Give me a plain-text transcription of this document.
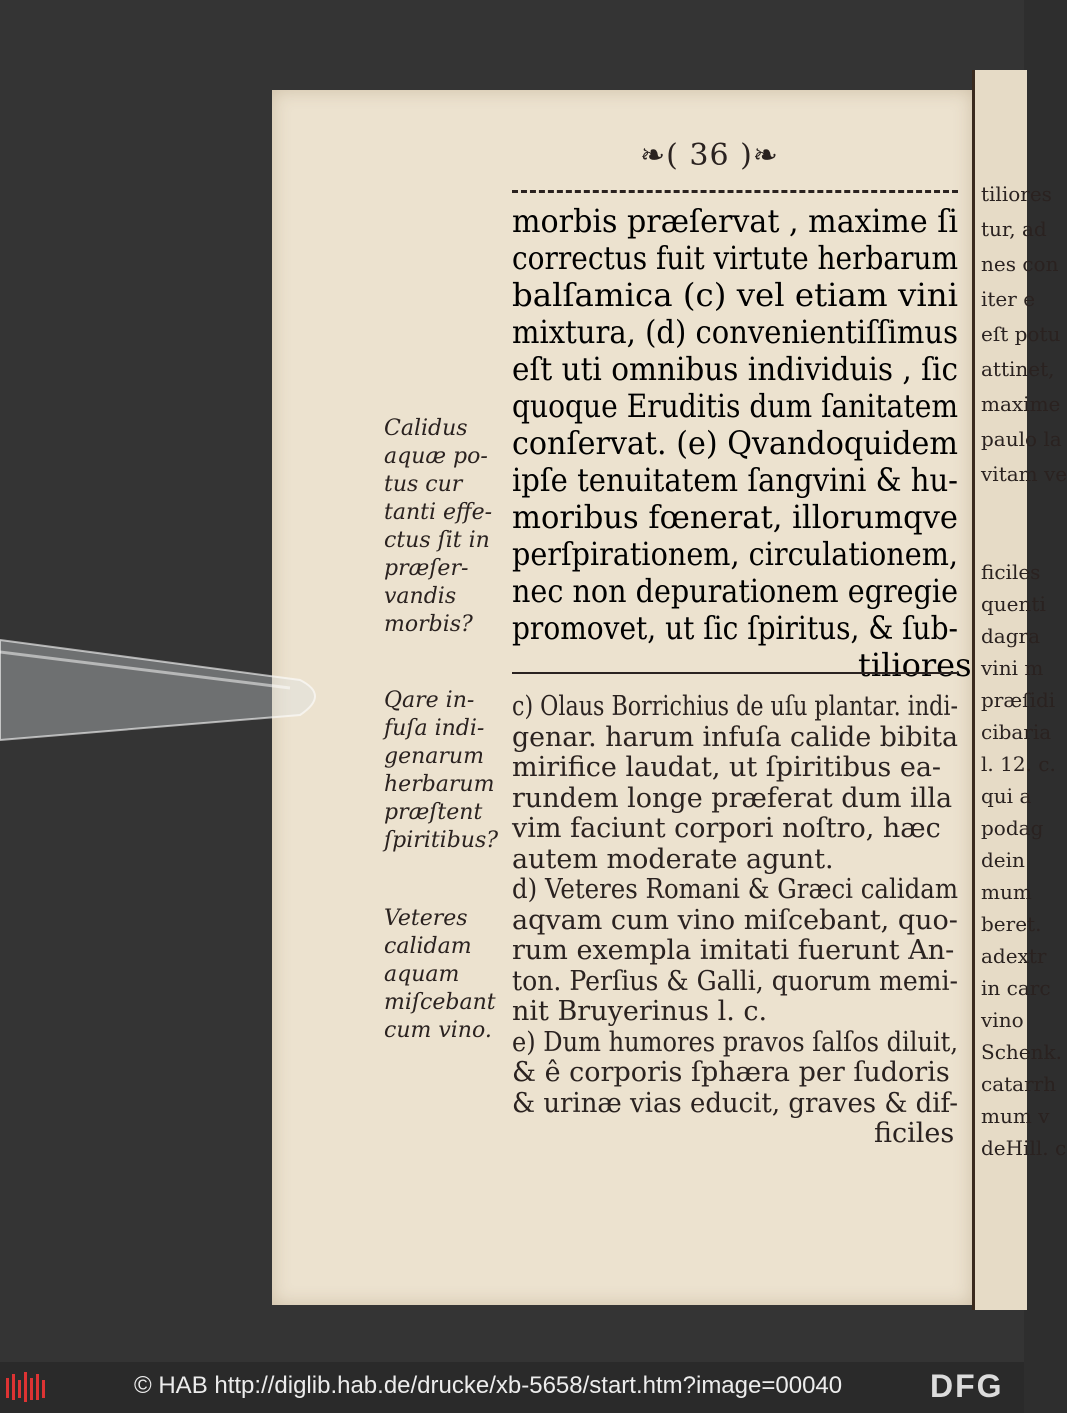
tiliores
tur, ad
nes con
iter e
eſt potu
attinet,
maxime
paulo la
vitam ve
ficiles
quenti
dagra
vini m
præſidi
cibaria
l. 12. c.
qui a
podag
dein
mum
beret.
adextr
in carc
vino
Schenk.
catarrh
mum v
deHill. c
❧( 36 )❧
morbis præſervat , maxime ſi
correctus fuit virtute herbarum
balſamica (c) vel etiam vini
mixtura, (d) convenientiſſimus
eſt uti omnibus individuis , ſic
quoque Eruditis dum ſanitatem
conſervat. (e) Qvandoquidem
ipſe tenuitatem ſangvini & hu-
moribus fœnerat, illorumqve
perſpirationem, circulationem,
nec non depurationem egregie
promovet, ut ſic ſpiritus, & ſub-
tiliores
Calidus
aquæ po-
tus cur
tanti effe-
ctus ſit in
præſer-
vandis
morbis?
Qare in-
fuſa indi-
genarum
herbarum
præſtent
ſpiritibus?
Veteres
calidam
aquam
miſcebant
cum vino.
c) Olaus Borrichius de uſu plantar. indi-
genar. harum infuſa calide bibita
mirifice laudat, ut ſpiritibus ea-
rundem longe præferat dum illa
vim faciunt corpori noſtro, hæc
autem moderate agunt.
d) Veteres Romani & Græci calidam
aqvam cum vino miſcebant, quo-
rum exempla imitati fuerunt An-
ton. Perſius & Galli, quorum memi-
nit Bruyerinus l. c.
e) Dum humores pravos ſalſos diluit,
& ê corporis ſphæra per ſudoris
& urinæ vias educit, graves & dif-
ficiles
© HAB http://diglib.hab.de/drucke/xb-5658/start.htm?image=00040	DFG
